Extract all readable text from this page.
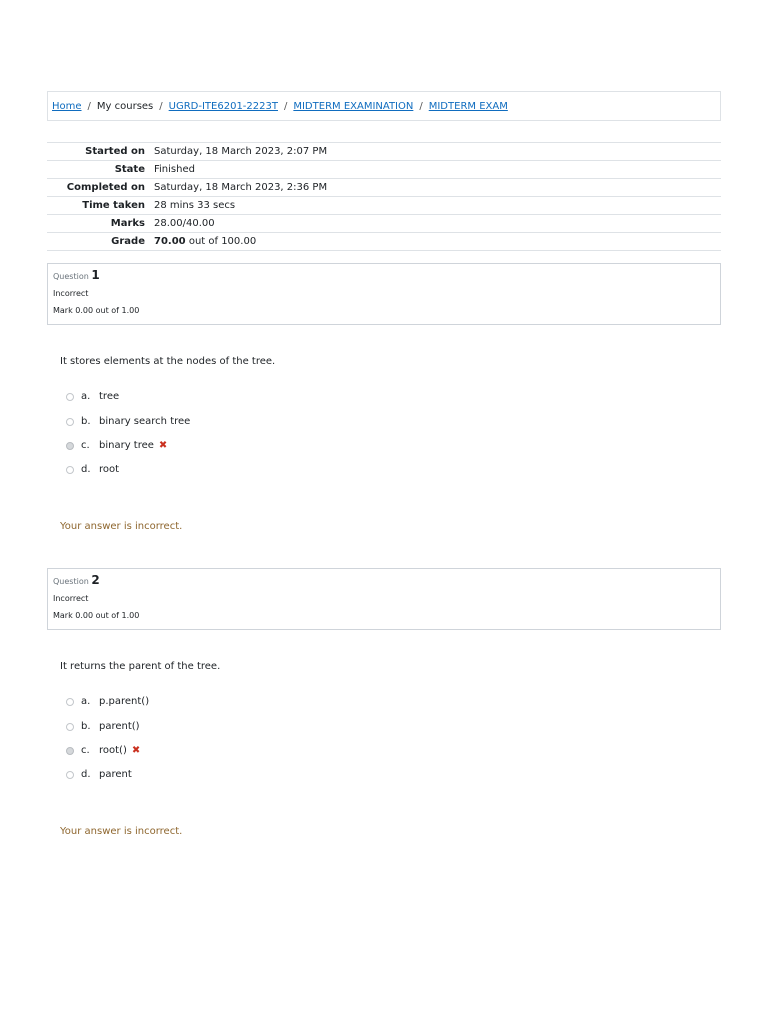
Home / My courses / UGRD-ITE6201-2223T / MIDTERM EXAMINATION / MIDTERM EXAM
Started on	Saturday, 18 March 2023, 2:07 PM
State	Finished
Completed on	Saturday, 18 March 2023, 2:36 PM
Time taken	28 mins 33 secs
Marks	28.00/40.00
Grade	70.00 out of 100.00
Question 1
Incorrect
Mark 0.00 out of 1.00
It stores elements at the nodes of the tree.
a. tree
b. binary search tree
c. binary tree ✖
d. root
Your answer is incorrect.
Question 2
Incorrect
Mark 0.00 out of 1.00
It returns the parent of the tree.
a. p.parent()
b. parent()
c. root() ✖
d. parent
Your answer is incorrect.
